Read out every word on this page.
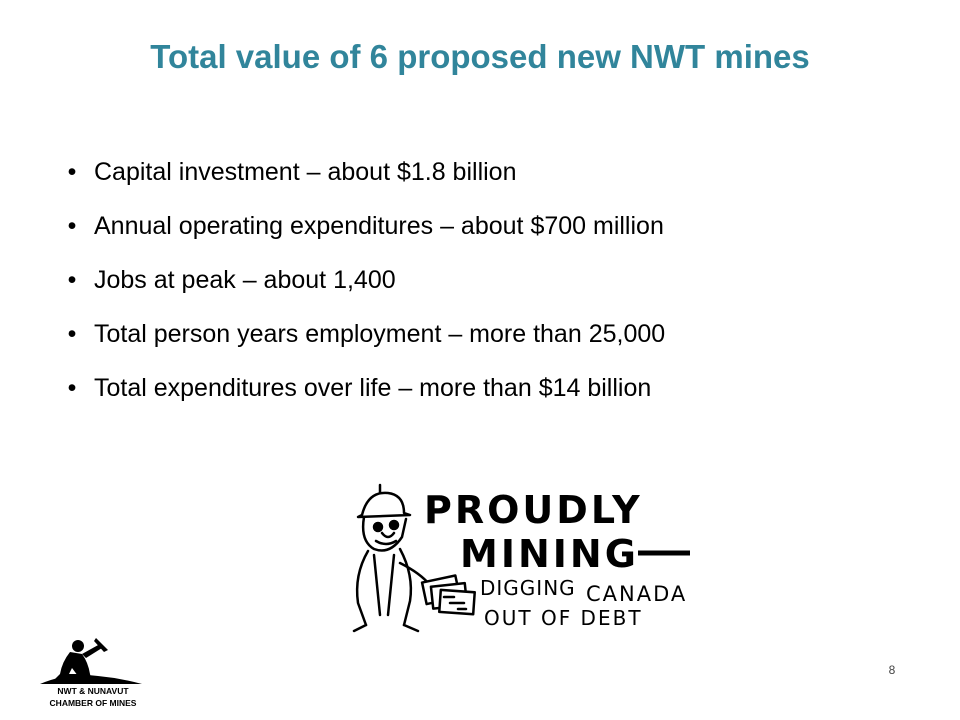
Total value of 6 proposed new NWT mines
• Capital investment – about $1.8 billion
• Annual operating expenditures – about $700 million
• Jobs at peak – about 1,400
• Total person years employment – more than 25,000
• Total expenditures over life – more than $14 billion
PROUDLY
MINING
DIGGING CANADA
OUT OF DEBT
NWT & NUNAVUT
CHAMBER OF MINES
8
